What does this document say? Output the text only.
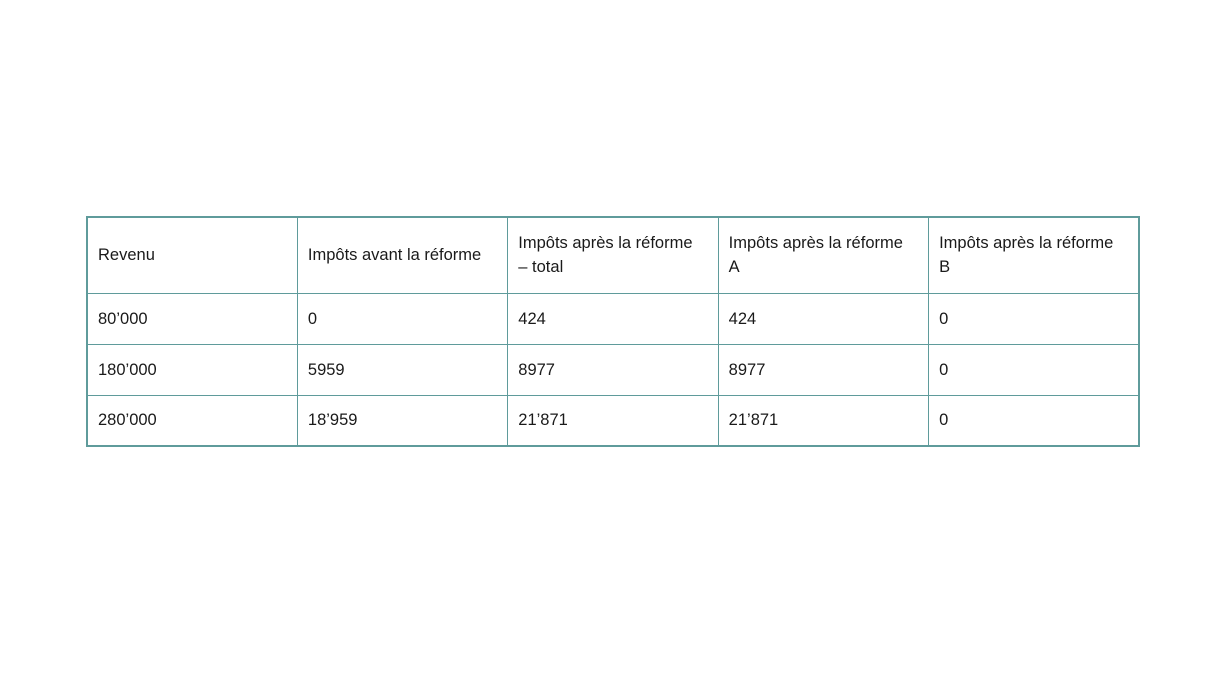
Revenu	Impôts avant la réforme	Impôts après la réforme – total	Impôts après la réforme A	Impôts après la réforme B
80’000	0	424	424	0
180’000	5959	8977	8977	0
280’000	18’959	21’871	21’871	0
